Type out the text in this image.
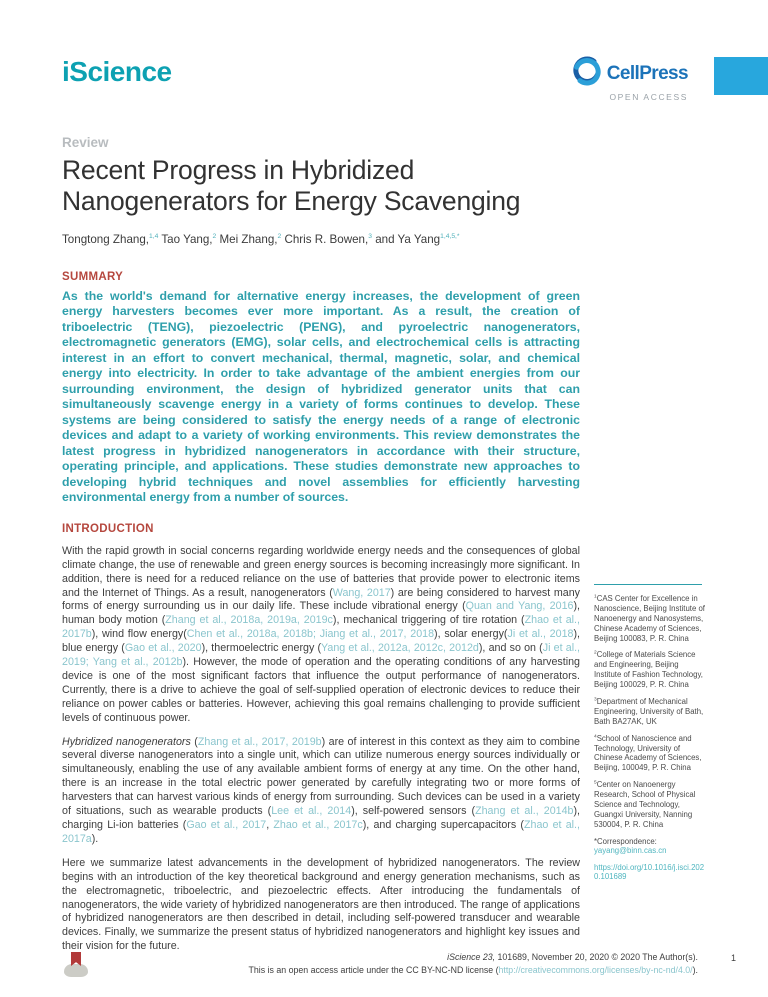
iScience	CellPress
OPEN ACCESS
Review
Recent Progress in Hybridized Nanogenerators for Energy Scavenging
Tongtong Zhang,$^{1,4}$ Tao Yang,$^2$ Mei Zhang,$^2$ Chris R. Bowen,$^3$ and Ya Yang$^{1,4,5,*}$
SUMMARY

As the world's demand for alternative energy increases, the development of green energy harvesters becomes ever more important. As a result, the creation of triboelectric (TENG), piezoelectric (PENG), and pyroelectric nanogenerators, electromagnetic generators (EMG), solar cells, and electrochemical cells is attracting interest in an effort to convert mechanical, thermal, magnetic, solar, and chemical energy into electricity. In order to take advantage of the ambient energies from our surrounding environment, the design of hybridized generator units that can simultaneously scavenge energy in a variety of forms continues to develop. These systems are being considered to satisfy the energy needs of a range of electronic devices and adapt to a variety of working environments. This review demonstrates the latest progress in hybridized nanogenerators in accordance with their structure, operating principle, and applications. These studies demonstrate new approaches to developing hybrid techniques and novel assemblies for efficiently harvesting environmental energy from a number of sources.

INTRODUCTION

With the rapid growth in social concerns regarding worldwide energy needs and the consequences of global climate change, the use of renewable and green energy sources is becoming increasingly more significant. In addition, there is need for a reduced reliance on the use of batteries that provide power to electronic items and the Internet of Things. As a result, nanogenerators (Wang, 2017) are being considered to harvest many forms of energy surrounding us in our daily life. These include vibrational energy (Quan and Yang, 2016), human body motion (Zhang et al., 2018a, 2019a, 2019c), mechanical triggering of tire rotation (Zhao et al., 2017b), wind flow energy(Chen et al., 2018a, 2018b; Jiang et al., 2017, 2018), solar energy(Ji et al., 2018), blue energy (Gao et al., 2020), thermoelectric energy (Yang et al., 2012a, 2012c, 2012d), and so on (Ji et al., 2019; Yang et al., 2012b). However, the mode of operation and the operating conditions of any harvesting device is one of the most significant factors that influence the output performance of nanogenerators. Currently, there is a drive to achieve the goal of self-supplied operation of electronic devices to reduce their reliance on power cables or batteries. However, achieving this goal remains challenging to provide sufficient levels of continuous power.

Hybridized nanogenerators (Zhang et al., 2017, 2019b) are of interest in this context as they aim to combine several diverse nanogenerators into a single unit, which can utilize numerous energy sources individually or simultaneously, enabling the use of any available ambient forms of energy at any time. On the other hand, there is an increase in the total electric power generated by carefully integrating two or more forms of harvesters that can harvest various kinds of energy from surrounding. Such devices can be used in a variety of situations, such as wearable products (Lee et al., 2014), self-powered sensors (Zhang et al., 2014b), charging Li-ion batteries (Gao et al., 2017, Zhao et al., 2017c), and charging supercapacitors (Zhao et al., 2017a).

Here we summarize latest advancements in the development of hybridized nanogenerators. The review begins with an introduction of the key theoretical background and energy generation mechanisms, such as the electromagnetic, triboelectric, and piezoelectric effects. After introducing the fundamentals of nanogenerators, the wide variety of hybridized nanogenerators are then introduced. The range of applications of hybridized nanogenerators are then described in detail, including self-powered transducer and wearable devices. Finally, we summarize the present status of hybridized nanogenerators and highlight key issues and their vision for the future.

$^1$CAS Center for Excellence in Nanoscience, Beijing Institute of Nanoenergy and Nanosystems, Chinese Academy of Sciences, Beijing 100083, P. R. China
$^2$College of Materials Science and Engineering, Beijing Institute of Fashion Technology, Beijing 100029, P. R. China
$^3$Department of Mechanical Engineering, University of Bath, Bath BA27AK, UK
$^4$School of Nanoscience and Technology, University of Chinese Academy of Sciences, Beijing, 100049, P. R. China
$^5$Center on Nanoenergy Research, School of Physical Science and Technology, Guangxi University, Nanning 530004, P. R. China
*Correspondence:
yayang@binn.cas.cn
https://doi.org/10.1016/j.isci.2020.101689
iScience 23, 101689, November 20, 2020 © 2020 The Author(s).
This is an open access article under the CC BY-NC-ND license (http://creativecommons.org/licenses/by-nc-nd/4.0/).
1
